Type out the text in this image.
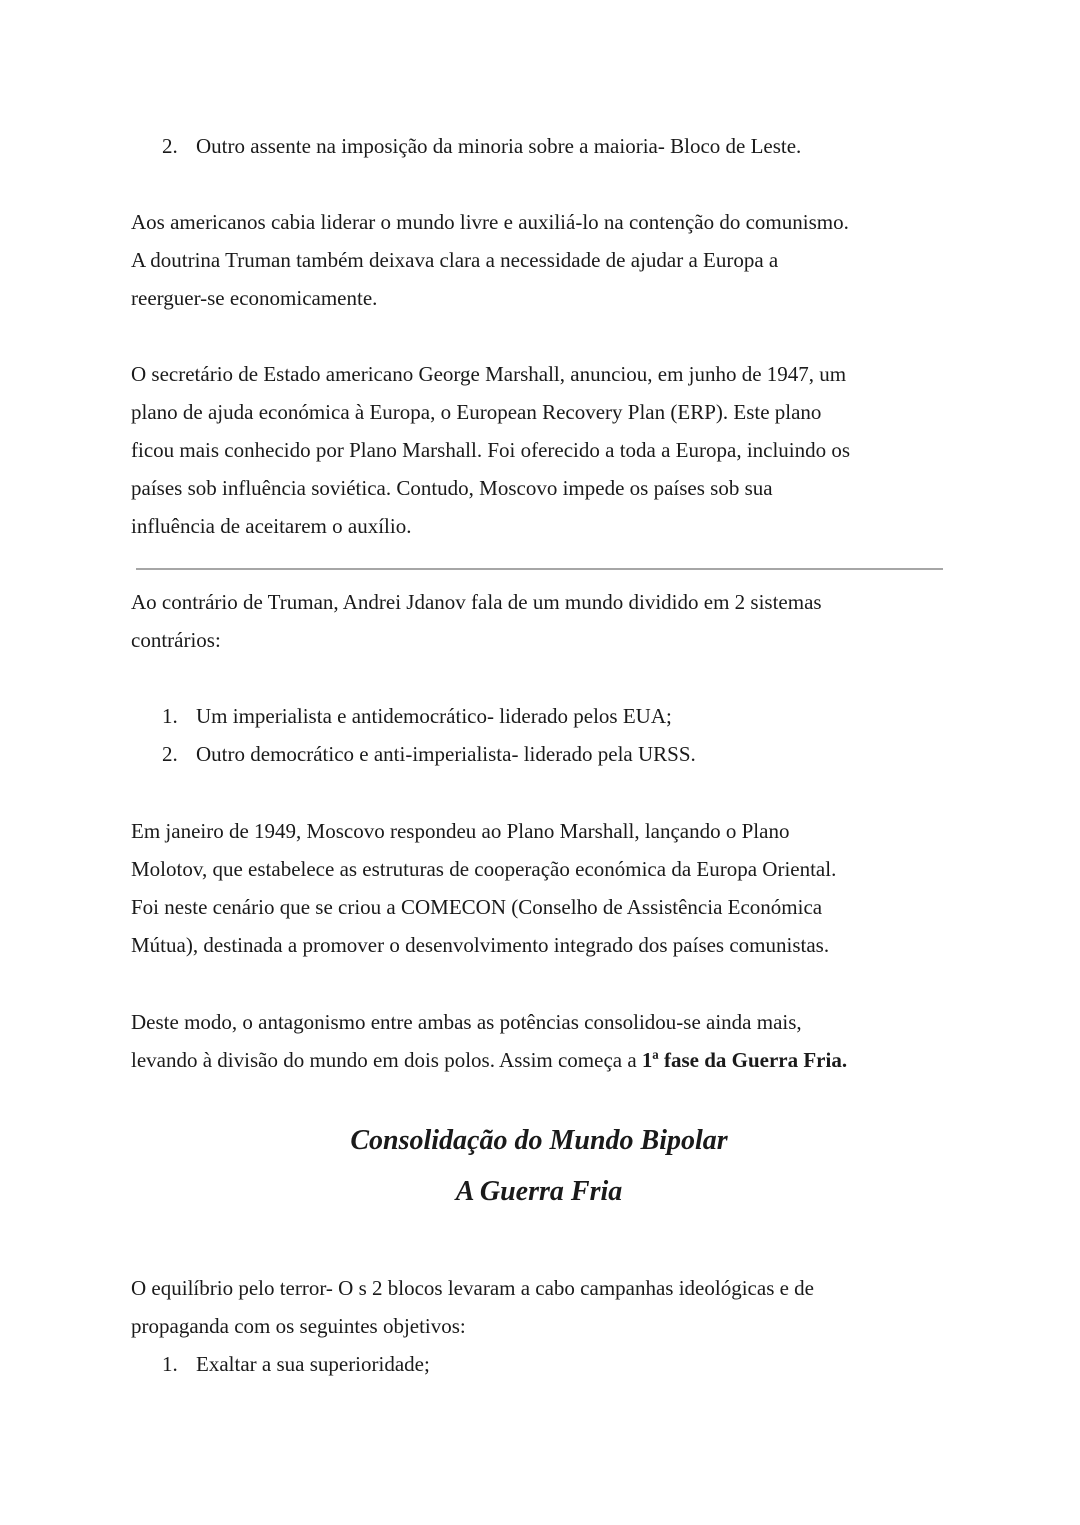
2. Outro assente na imposição da minoria sobre a maioria- Bloco de Leste.
Aos americanos cabia liderar o mundo livre e auxiliá-lo na contenção do comunismo.
A doutrina Truman também deixava clara a necessidade de ajudar a Europa a
reerguer-se economicamente.
O secretário de Estado americano George Marshall, anunciou, em junho de 1947, um
plano de ajuda económica à Europa, o European Recovery Plan (ERP). Este plano
ficou mais conhecido por Plano Marshall. Foi oferecido a toda a Europa, incluindo os
países sob influência soviética. Contudo, Moscovo impede os países sob sua
influência de aceitarem o auxílio.
Ao contrário de Truman, Andrei Jdanov fala de um mundo dividido em 2 sistemas
contrários:
1. Um imperialista e antidemocrático- liderado pelos EUA;
2. Outro democrático e anti-imperialista- liderado pela URSS.
Em janeiro de 1949, Moscovo respondeu ao Plano Marshall, lançando o Plano
Molotov, que estabelece as estruturas de cooperação económica da Europa Oriental.
Foi neste cenário que se criou a COMECON (Conselho de Assistência Económica
Mútua), destinada a promover o desenvolvimento integrado dos países comunistas.
Deste modo, o antagonismo entre ambas as potências consolidou-se ainda mais,
levando à divisão do mundo em dois polos. Assim começa a 1ª fase da Guerra Fria.
Consolidação do Mundo Bipolar
A Guerra Fria
O equilíbrio pelo terror- O s 2 blocos levaram a cabo campanhas ideológicas e de
propaganda com os seguintes objetivos:
1. Exaltar a sua superioridade;
